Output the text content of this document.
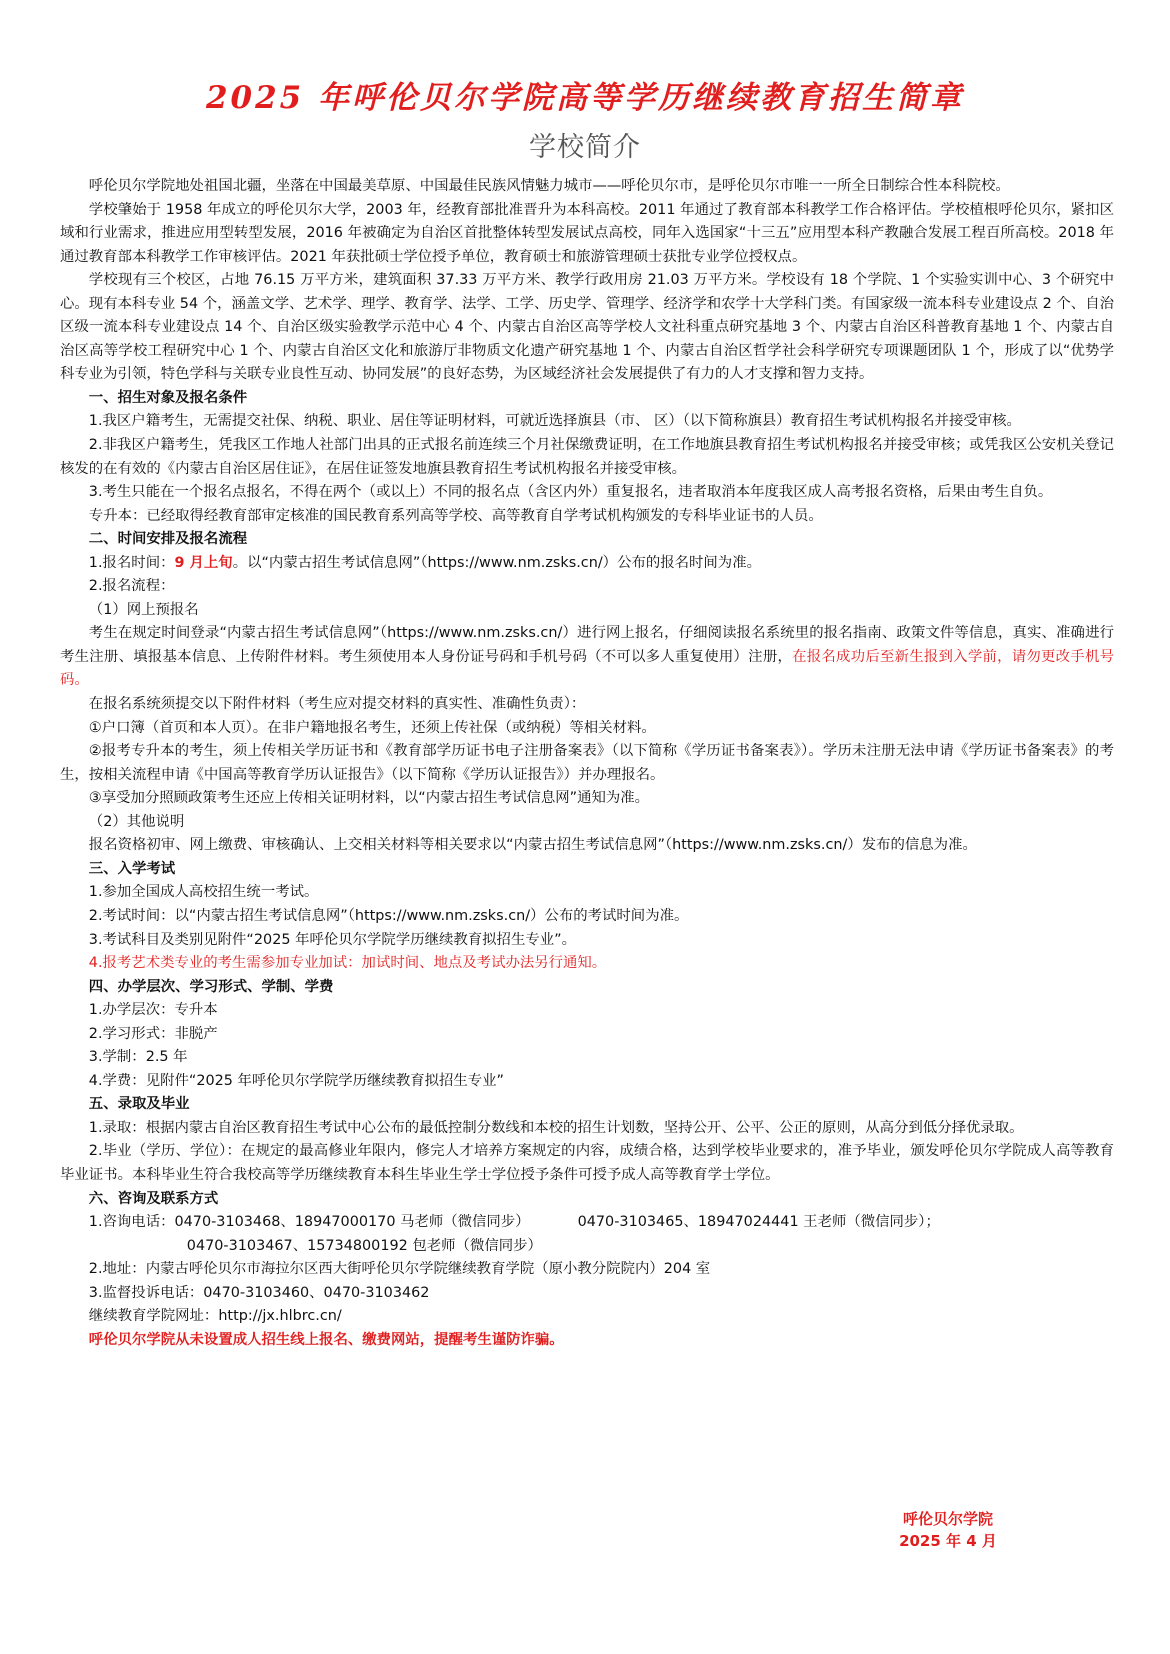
2025 年呼伦贝尔学院高等学历继续教育招生简章
学校简介

呼伦贝尔学院地处祖国北疆，坐落在中国最美草原、中国最佳民族风情魅力城市——呼伦贝尔市，是呼伦贝尔市唯一一所全日制综合性本科院校。

学校肇始于 1958 年成立的呼伦贝尔大学，2003 年，经教育部批准晋升为本科高校。2011 年通过了教育部本科教学工作合格评估。学校植根呼伦贝尔，紧扣区域和行业需求，推进应用型转型发展，2016 年被确定为自治区首批整体转型发展试点高校，同年入选国家“十三五”应用型本科产教融合发展工程百所高校。2018 年通过教育部本科教学工作审核评估。2021 年获批硕士学位授予单位，教育硕士和旅游管理硕士获批专业学位授权点。

学校现有三个校区，占地 76.15 万平方米，建筑面积 37.33 万平方米、教学行政用房 21.03 万平方米。学校设有 18 个学院、1 个实验实训中心、3 个研究中心。现有本科专业 54 个，涵盖文学、艺术学、理学、教育学、法学、工学、历史学、管理学、经济学和农学十大学科门类。有国家级一流本科专业建设点 2 个、自治区级一流本科专业建设点 14 个、自治区级实验教学示范中心 4 个、内蒙古自治区高等学校人文社科重点研究基地 3 个、内蒙古自治区科普教育基地 1 个、内蒙古自治区高等学校工程研究中心 1 个、内蒙古自治区文化和旅游厅非物质文化遗产研究基地 1 个、内蒙古自治区哲学社会科学研究专项课题团队 1 个，形成了以“优势学科专业为引领，特色学科与关联专业良性互动、协同发展”的良好态势，为区域经济社会发展提供了有力的人才支撑和智力支持。

一、招生对象及报名条件

1.我区户籍考生，无需提交社保、纳税、职业、居住等证明材料，可就近选择旗县（市、 区）（以下简称旗县）教育招生考试机构报名并接受审核。

2.非我区户籍考生，凭我区工作地人社部门出具的正式报名前连续三个月社保缴费证明，在工作地旗县教育招生考试机构报名并接受审核；或凭我区公安机关登记核发的在有效的《内蒙古自治区居住证》，在居住证签发地旗县教育招生考试机构报名并接受审核。

3.考生只能在一个报名点报名，不得在两个（或以上）不同的报名点（含区内外）重复报名，违者取消本年度我区成人高考报名资格，后果由考生自负。

专升本：已经取得经教育部审定核准的国民教育系列高等学校、高等教育自学考试机构颁发的专科毕业证书的人员。

二、时间安排及报名流程

1.报名时间：9 月上旬。以“内蒙古招生考试信息网”（https://www.nm.zsks.cn/）公布的报名时间为准。

2.报名流程：

（1）网上预报名

考生在规定时间登录“内蒙古招生考试信息网”（https://www.nm.zsks.cn/）进行网上报名，仔细阅读报名系统里的报名指南、政策文件等信息，真实、准确进行考生注册、填报基本信息、上传附件材料。考生须使用本人身份证号码和手机号码（不可以多人重复使用）注册，在报名成功后至新生报到入学前，请勿更改手机号码。

在报名系统须提交以下附件材料（考生应对提交材料的真实性、准确性负责）：

①户口簿（首页和本人页）。在非户籍地报名考生，还须上传社保（或纳税）等相关材料。

②报考专升本的考生，须上传相关学历证书和《教育部学历证书电子注册备案表》（以下简称《学历证书备案表》）。学历未注册无法申请《学历证书备案表》的考生，按相关流程申请《中国高等教育学历认证报告》（以下简称《学历认证报告》）并办理报名。

③享受加分照顾政策考生还应上传相关证明材料，以“内蒙古招生考试信息网”通知为准。

（2）其他说明

报名资格初审、网上缴费、审核确认、上交相关材料等相关要求以“内蒙古招生考试信息网”（https://www.nm.zsks.cn/）发布的信息为准。

三、入学考试

1.参加全国成人高校招生统一考试。

2.考试时间：以“内蒙古招生考试信息网”（https://www.nm.zsks.cn/）公布的考试时间为准。

3.考试科目及类别见附件“2025 年呼伦贝尔学院学历继续教育拟招生专业”。

4.报考艺术类专业的考生需参加专业加试：加试时间、地点及考试办法另行通知。

四、办学层次、学习形式、学制、学费

1.办学层次：专升本

2.学习形式：非脱产

3.学制：2.5 年

4.学费：见附件“2025 年呼伦贝尔学院学历继续教育拟招生专业”

五、录取及毕业

1.录取：根据内蒙古自治区教育招生考试中心公布的最低控制分数线和本校的招生计划数，坚持公开、公平、公正的原则，从高分到低分择优录取。

2.毕业（学历、学位）：在规定的最高修业年限内，修完人才培养方案规定的内容，成绩合格，达到学校毕业要求的，准予毕业，颁发呼伦贝尔学院成人高等教育毕业证书。本科毕业生符合我校高等学历继续教育本科生毕业生学士学位授予条件可授予成人高等教育学士学位。

六、咨询及联系方式

1.咨询电话：0470-3103468、18947000170 马老师（微信同步）	0470-3103465、18947024441 王老师（微信同步）；

0470-3103467、15734800192 包老师（微信同步）

2.地址：内蒙古呼伦贝尔市海拉尔区西大街呼伦贝尔学院继续教育学院（原小教分院院内）204 室

3.监督投诉电话：0470-3103460、0470-3103462

继续教育学院网址：http://jx.hlbrc.cn/

呼伦贝尔学院从未设置成人招生线上报名、缴费网站，提醒考生谨防诈骗。

呼伦贝尔学院
2025 年 4 月
